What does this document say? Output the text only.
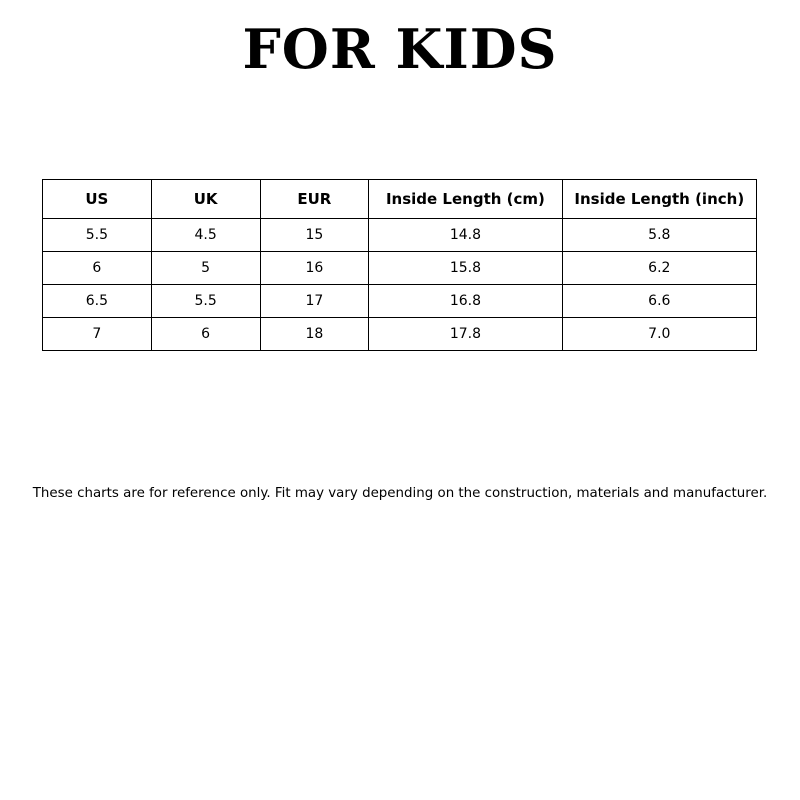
FOR KIDS
US	UK	EUR	Inside Length (cm)	Inside Length (inch)
5.5	4.5	15	14.8	5.8
6	5	16	15.8	6.2
6.5	5.5	17	16.8	6.6
7	6	18	17.8	7.0
These charts are for reference only. Fit may vary depending on the construction, materials and manufacturer.
